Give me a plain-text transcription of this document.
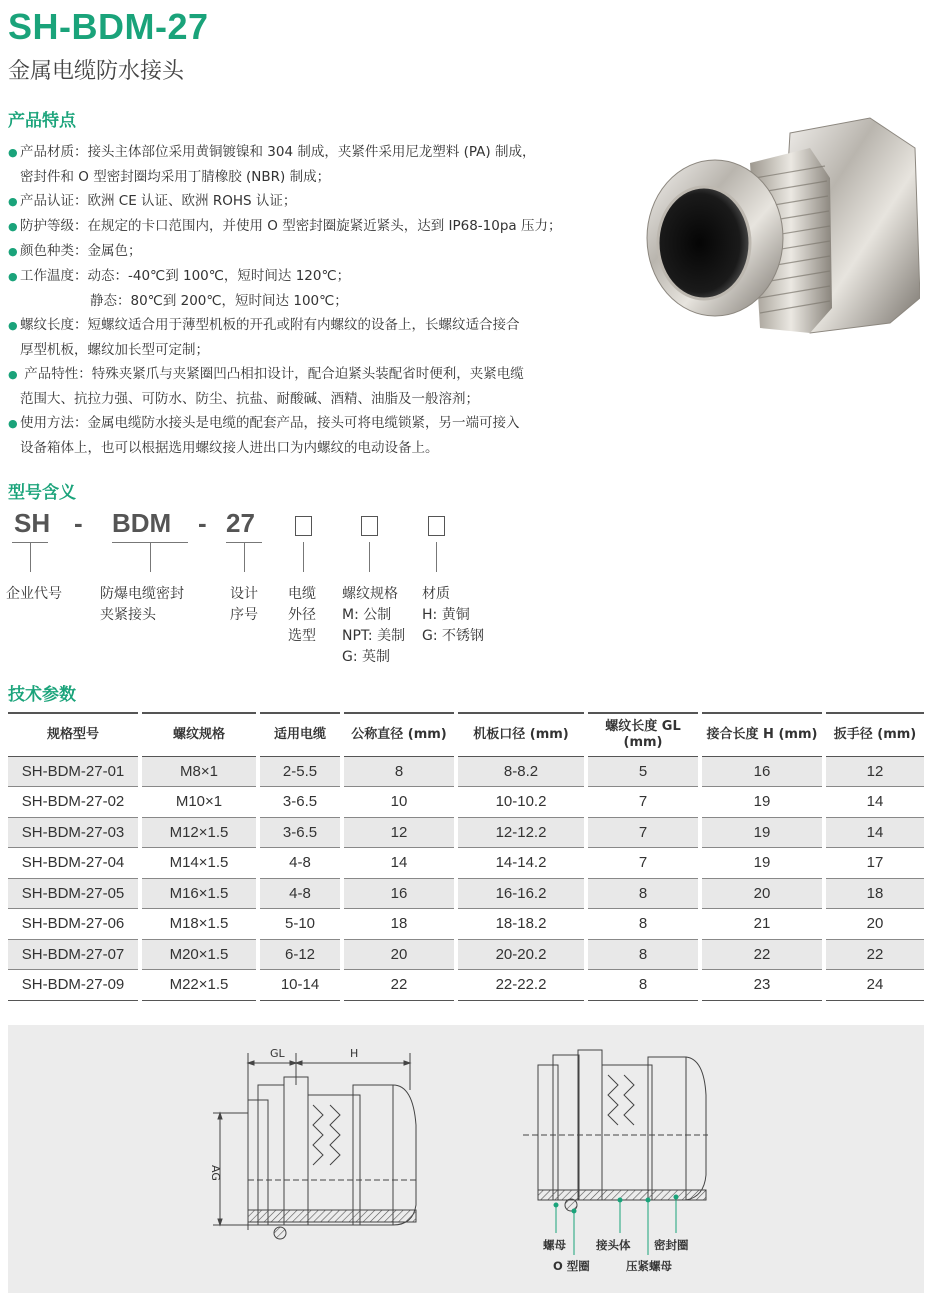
SH-BDM-27
金属电缆防水接头
产品特点
● 产品材质：接头主体部位采用黄铜镀镍和 304 制成，夹紧件采用尼龙塑料 (PA) 制成，
密封件和 O 型密封圈均采用丁腈橡胶 (NBR) 制成；
● 产品认证：欧洲 CE 认证、欧洲 ROHS 认证；
● 防护等级：在规定的卡口范围内，并使用 O 型密封圈旋紧近紧头，达到 IP68-10pa 压力；
● 颜色种类：金属色；
● 工作温度：动态：-40℃到 100℃，短时间达 120℃；
静态：80℃到 200℃，短时间达 100℃；
● 螺纹长度：短螺纹适合用于薄型机板的开孔或附有内螺纹的设备上，长螺纹适合接合
厚型机板，螺纹加长型可定制；
● 产品特性：特殊夹紧爪与夹紧圈凹凸相扣设计，配合迫紧头装配省时便利，夹紧电缆
范围大、抗拉力强、可防水、防尘、抗盐、耐酸碱、酒精、油脂及一般溶剂；
● 使用方法：金属电缆防水接头是电缆的配套产品，接头可将电缆锁紧，另一端可接入
设备箱体上，也可以根据选用螺纹接人进出口为内螺纹的电动设备上。
型号含义
SH - BDM - 27
企业代号	防爆电缆密封
夹紧接头
设计
序号
电缆
外径
选型
螺纹规格
M: 公制
NPT: 美制
G: 英制
材质
H: 黄铜
G: 不锈钢
技术参数
规格型号	螺纹规格	适用电缆	公称直径 (mm)	机板口径 (mm)	螺纹长度 GL (mm)	接合长度 H (mm)	扳手径 (mm)
SH-BDM-27-01	M8×1	2-5.5	8	8-8.2	5	16	12
SH-BDM-27-02	M10×1	3-6.5	10	10-10.2	7	19	14
SH-BDM-27-03	M12×1.5	3-6.5	12	12-12.2	7	19	14
SH-BDM-27-04	M14×1.5	4-8	14	14-14.2	7	19	17
SH-BDM-27-05	M16×1.5	4-8	16	16-16.2	8	20	18
SH-BDM-27-06	M18×1.5	5-10	18	18-18.2	8	21	20
SH-BDM-27-07	M20×1.5	6-12	20	20-20.2	8	22	22
SH-BDM-27-09	M22×1.5	10-14	22	22-22.2	8	23	24
GL	H
AG
螺母
O 型圈
接头体
压紧螺母
密封圈
